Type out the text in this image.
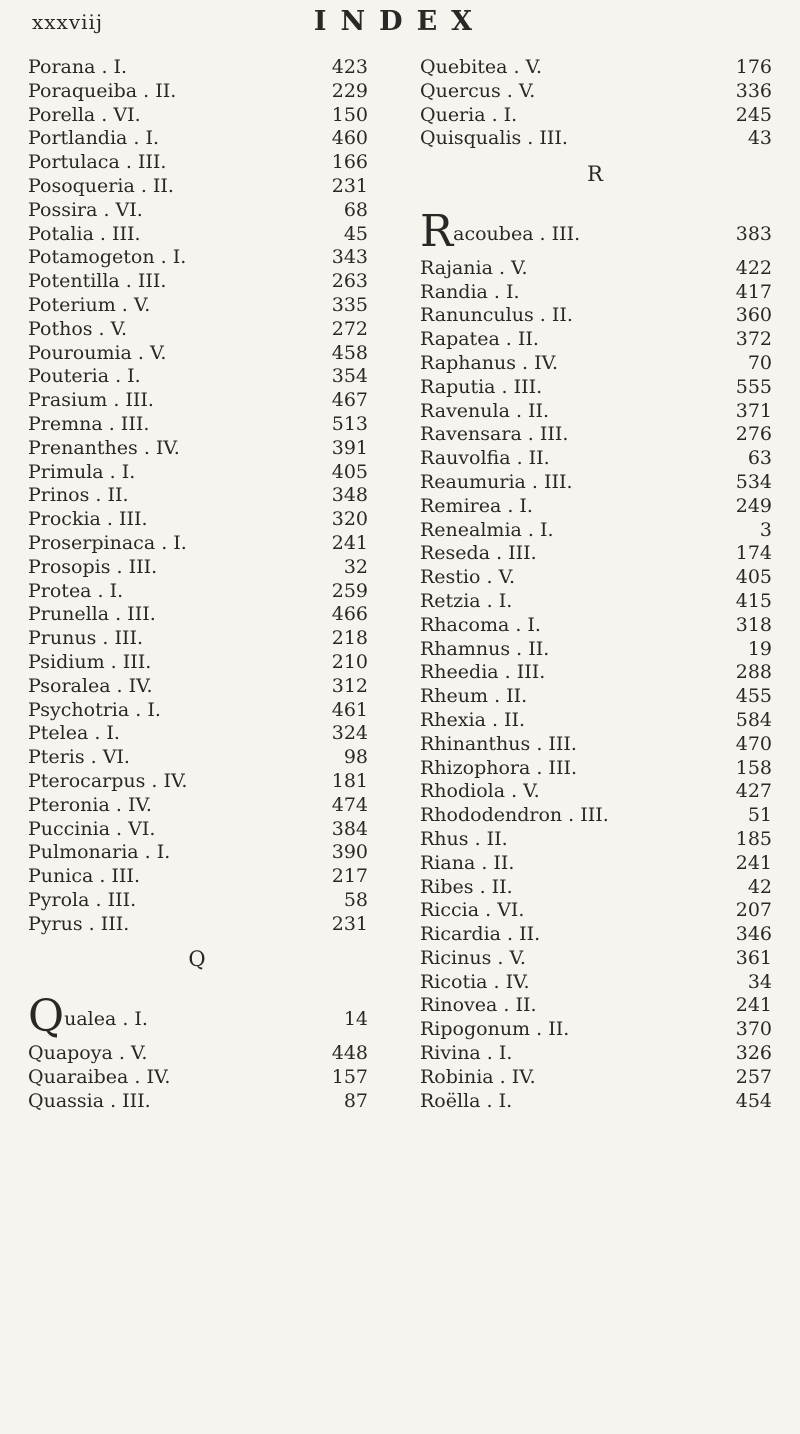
xxxviij	INDEX
Porana . I.	423
Poraqueiba . II.	229
Porella . VI.	150
Portlandia . I.	460
Portulaca . III.	166
Posoqueria . II.	231
Possira . VI.	68
Potalia . III.	45
Potamogeton . I.	343
Potentilla . III.	263
Poterium . V.	335
Pothos . V.	272
Pouroumia . V.	458
Pouteria . I.	354
Prasium . III.	467
Premna . III.	513
Prenanthes . IV.	391
Primula . I.	405
Prinos . II.	348
Prockia . III.	320
Proserpinaca . I.	241
Prosopis . III.	32
Protea . I.	259
Prunella . III.	466
Prunus . III.	218
Psidium . III.	210
Psoralea . IV.	312
Psychotria . I.	461
Ptelea . I.	324
Pteris . VI.	98
Pterocarpus . IV.	181
Pteronia . IV.	474
Puccinia . VI.	384
Pulmonaria . I.	390
Punica . III.	217
Pyrola . III.	58
Pyrus . III.	231
Q
Qualea . I.	14
Quapoya . V.	448
Quaraibea . IV.	157
Quassia . III.	87
Quebitea . V.	176
Quercus . V.	336
Queria . I.	245
Quisqualis . III.	43
R
Racoubea . III.	383
Rajania . V.	422
Randia . I.	417
Ranunculus . II.	360
Rapatea . II.	372
Raphanus . IV.	70
Raputia . III.	555
Ravenula . II.	371
Ravensara . III.	276
Rauvolfia . II.	63
Reaumuria . III.	534
Remirea . I.	249
Renealmia . I.	3
Reseda . III.	174
Restio . V.	405
Retzia . I.	415
Rhacoma . I.	318
Rhamnus . II.	19
Rheedia . III.	288
Rheum . II.	455
Rhexia . II.	584
Rhinanthus . III.	470
Rhizophora . III.	158
Rhodiola . V.	427
Rhododendron . III.	51
Rhus . II.	185
Riana . II.	241
Ribes . II.	42
Riccia . VI.	207
Ricardia . II.	346
Ricinus . V.	361
Ricotia . IV.	34
Rinovea . II.	241
Ripogonum . II.	370
Rivina . I.	326
Robinia . IV.	257
Roëlla . I.	454
